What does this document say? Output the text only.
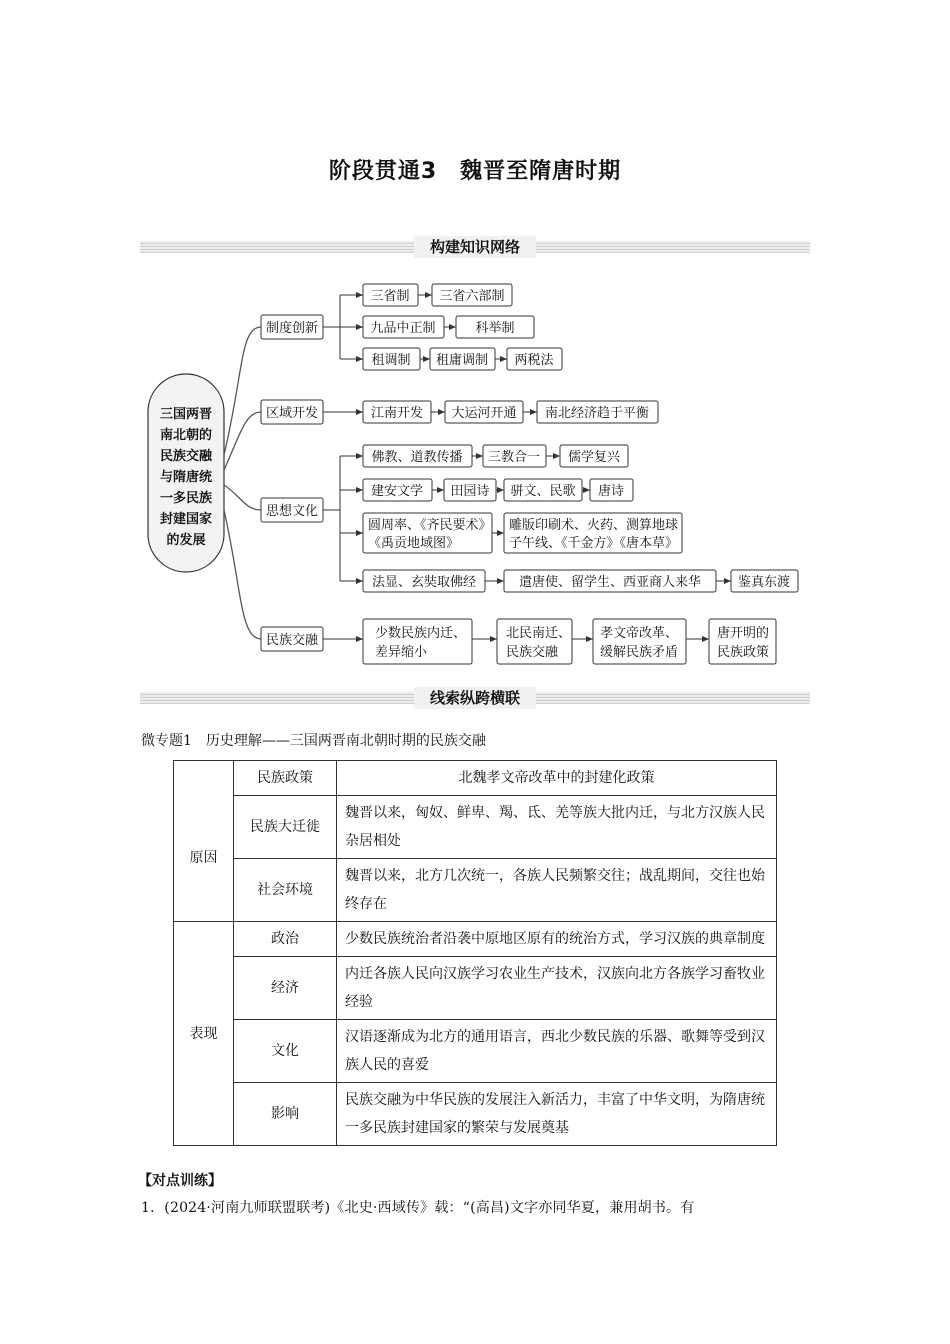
阶段贯通3　魏晋至隋唐时期
构建知识网络
三国两晋
南北朝的
民族交融
与隋唐统
一多民族
封建国家
的发展
制度创新
区域开发
思想文化
民族交融
三省制 三省六部制
九品中正制	科举制
租调制 租庸调制 两税法
江南开发 大运河开通 南北经济趋于平衡
佛教、道教传播 三教合一 儒学复兴
建安文学 田园诗 骈文、民歌 唐诗
圆周率、《齐民要术》
《禹贡地域图》
雕版印刷术、火药、测算地球
子午线、《千金方》《唐本草》
法显、玄奘取佛经	遣唐使、留学生、西亚商人来华	鉴真东渡
少数民族内迁、
差异缩小
北民南迁、
民族交融
孝文帝改革、
缓解民族矛盾
唐开明的
民族政策
线索纵跨横联
微专题1　历史理解——三国两晋南北朝时期的民族交融
	民族政策	北魏孝文帝改革中的封建化政策
原因	民族大迁徙	魏晋以来，匈奴、鲜卑、羯、氐、羌等族大批内迁，与北方汉族人民杂居相处
	社会环境	魏晋以来，北方几次统一，各族人民频繁交往；战乱期间，交往也始终存在
表现	政治	少数民族统治者沿袭中原地区原有的统治方式，学习汉族的典章制度
	经济	内迁各族人民向汉族学习农业生产技术，汉族向北方各族学习畜牧业经验
	文化	汉语逐渐成为北方的通用语言，西北少数民族的乐器、歌舞等受到汉族人民的喜爱
	影响	民族交融为中华民族的发展注入新活力，丰富了中华文明，为隋唐统一多民族封建国家的繁荣与发展奠基
【对点训练】
1．(2024·河南九师联盟联考)《北史·西域传》载：“(高昌)文字亦同华夏，兼用胡书。有
